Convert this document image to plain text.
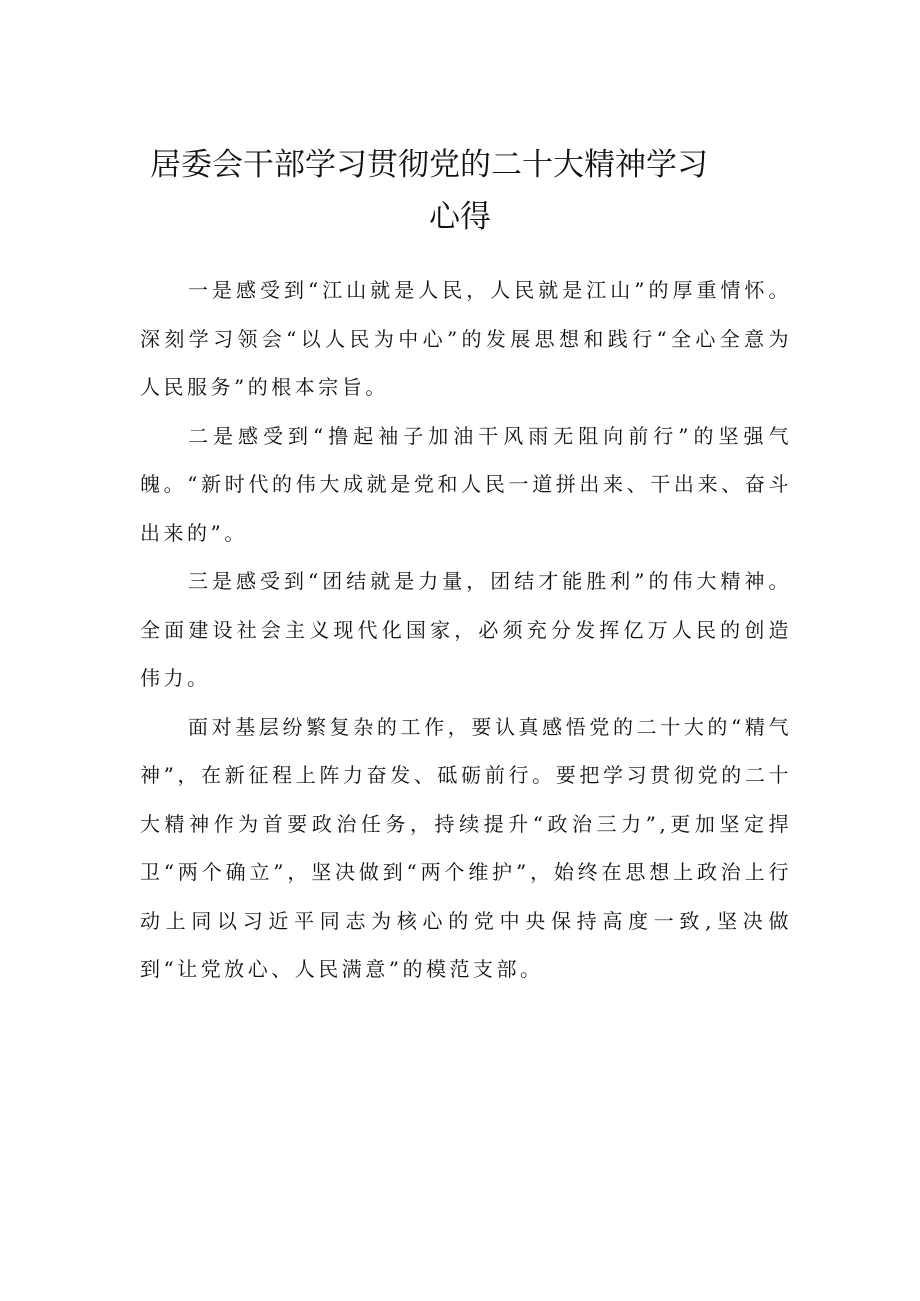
居委会干部学习贯彻党的二十大精神学习
心得

一是感受到“江山就是人民，人民就是江山”的厚重情怀。深刻学习领会“以人民为中心”的发展思想和践行“全心全意为人民服务”的根本宗旨。

二是感受到“撸起袖子加油干风雨无阻向前行”的坚强气魄。“新时代的伟大成就是党和人民一道拼出来、干出来、奋斗出来的”。

三是感受到“团结就是力量，团结才能胜利”的伟大精神。全面建设社会主义现代化国家，必须充分发挥亿万人民的创造伟力。

面对基层纷繁复杂的工作，要认真感悟党的二十大的“精气神”，在新征程上阵力奋发、砥砺前行。要把学习贯彻党的二十大精神作为首要政治任务，持续提升“政治三力”,更加坚定捍卫“两个确立”，坚决做到“两个维护”，始终在思想上政治上行动上同以习近平同志为核心的党中央保持高度一致,坚决做到“让党放心、人民满意”的模范支部。
